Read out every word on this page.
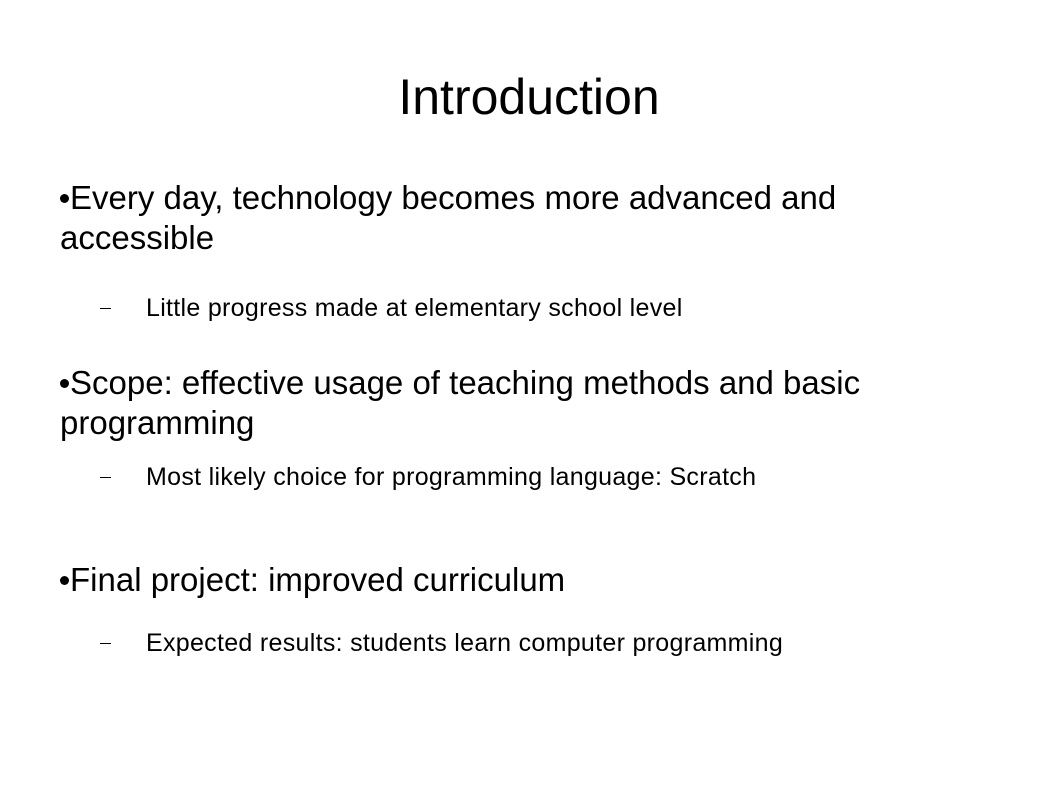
Introduction
Every day, technology becomes more advanced and accessible
Little progress made at elementary school level
Scope: effective usage of teaching methods and basic programming
Most likely choice for programming language: Scratch
Final project: improved curriculum
Expected results: students learn computer programming
